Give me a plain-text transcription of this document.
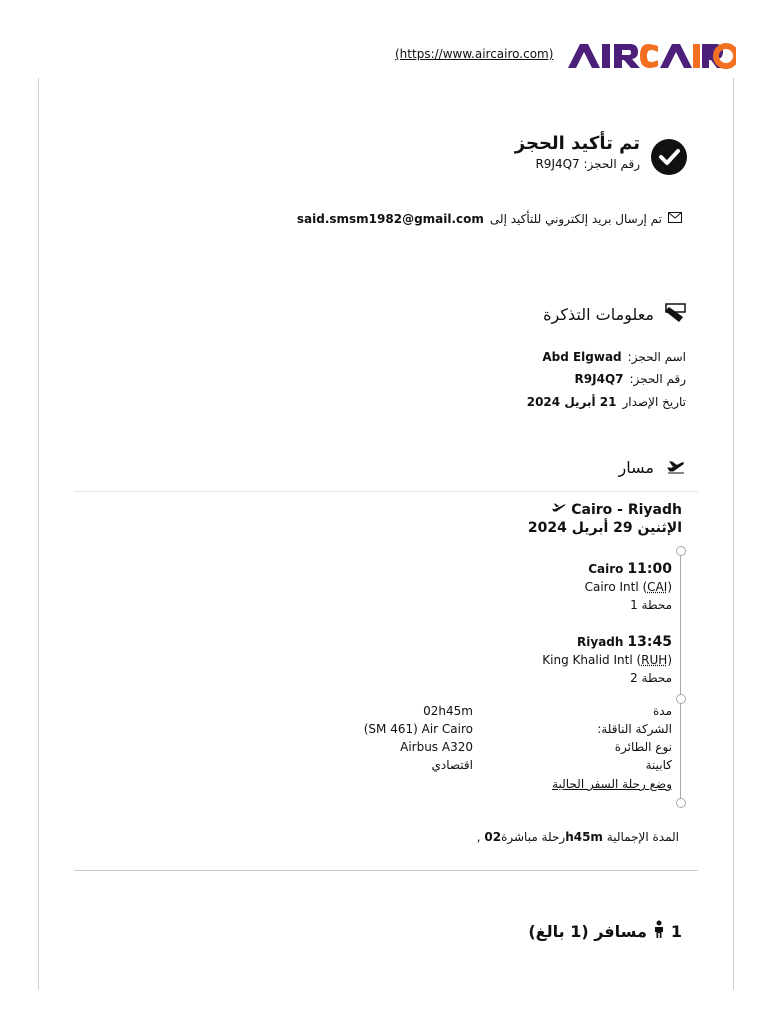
(https://www.aircairo.com)
تم تأكيد الحجز
رقم الحجز: R9J4Q7
تم إرسال بريد إلكتروني للتأكيد إلى
said.smsm1982@gmail.com
معلومات التذكرة
اسم الحجز:
Abd Elgwad
رقم الحجز:
R9J4Q7
تاريخ الإصدار
21 أبريل 2024
مسار
Cairo - Riyadh
الإثنين 29 أبريل 2024
Cairo 11:00
Cairo Intl (CAI)
محطة 1
Riyadh 13:45
King Khalid Intl (RUH)
محطة 2
مدة
02h45m
الشركة الناقلة:
(SM 461) Air Cairo
نوع الطائرة
Airbus A320
كابينة
اقتصادي
وضع رحلة السفر الحالية
, رحلة مباشرة02h45m المدة الإجمالية
مسافر (1 بالغ) 1
